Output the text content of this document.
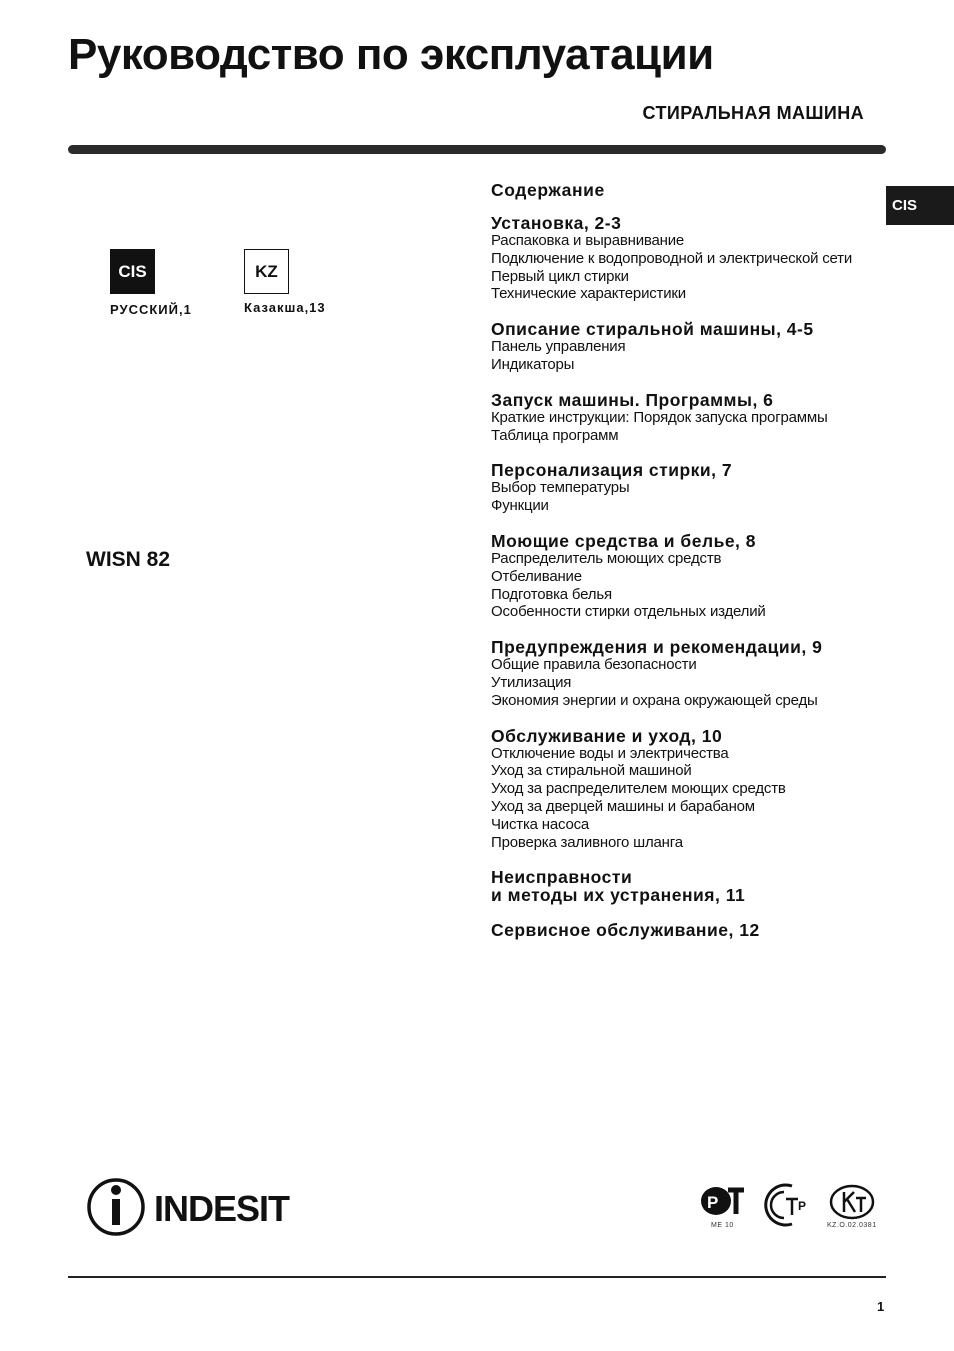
Руководство по эксплуатации
СТИРАЛЬНАЯ МАШИНА
CIS
CIS
РУССКИЙ,1
KZ
Казакша,13
WISN 82
Содержание
Установка, 2-3
Распаковка и выравнивание
Подключение к водопроводной и электрической сети
Первый цикл стирки
Технические характеристики
Описание стиральной машины, 4-5
Панель управления
Индикаторы
Запуск машины. Программы, 6
Краткие инструкции: Порядок запуска программы
Таблица программ
Персонализация стирки, 7
Выбор температуры
Функции
Моющие средства и белье, 8
Распределитель моющих средств
Отбеливание
Подготовка белья
Особенности стирки отдельных изделий
Предупреждения и рекомендации, 9
Общие правила безопасности
Утилизация
Экономия энергии и охрана окружающей среды
Обслуживание и уход, 10
Отключение воды и электричества
Уход за стиральной машиной
Уход за распределителем моющих средств
Уход за дверцей машины и барабаном
Чистка насоса
Проверка заливного шланга
Неисправности
и методы их устранения, 11
Сервисное обслуживание, 12
INDESIT	P
ME 10
P
KZ.O.02.0381
1
